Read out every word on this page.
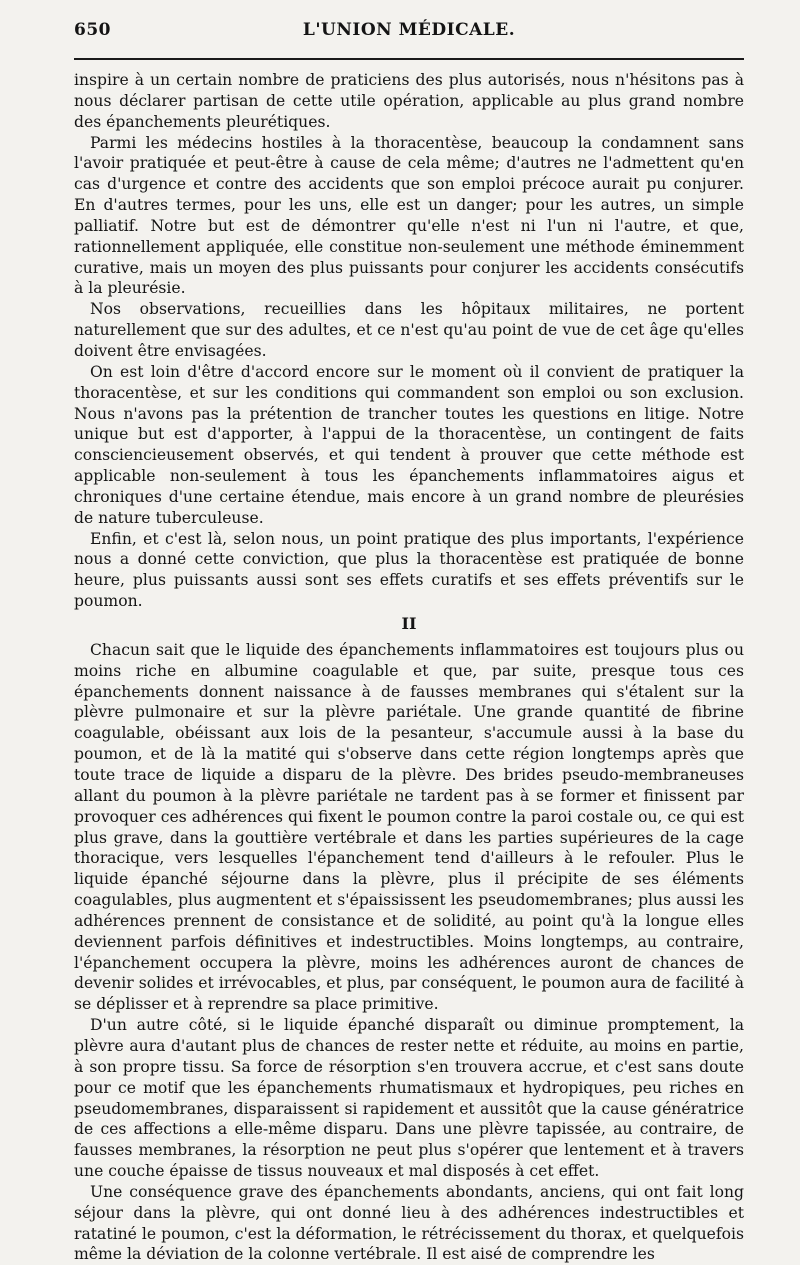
650	L'UNION MÉDICALE.

inspire à un certain nombre de praticiens des plus autorisés, nous n'hésitons pas à nous déclarer partisan de cette utile opération, applicable au plus grand nombre des épanchements pleurétiques.

Parmi les médecins hostiles à la thoracentèse, beaucoup la condamnent sans l'avoir pratiquée et peut-être à cause de cela même; d'autres ne l'admettent qu'en cas d'urgence et contre des accidents que son emploi précoce aurait pu conjurer. En d'autres termes, pour les uns, elle est un danger; pour les autres, un simple palliatif. Notre but est de démontrer qu'elle n'est ni l'un ni l'autre, et que, rationnellement appliquée, elle constitue non-seulement une méthode éminemment curative, mais un moyen des plus puissants pour conjurer les accidents consécutifs à la pleurésie.

Nos observations, recueillies dans les hôpitaux militaires, ne portent naturellement que sur des adultes, et ce n'est qu'au point de vue de cet âge qu'elles doivent être envisagées.

On est loin d'être d'accord encore sur le moment où il convient de pratiquer la thoracentèse, et sur les conditions qui commandent son emploi ou son exclusion. Nous n'avons pas la prétention de trancher toutes les questions en litige. Notre unique but est d'apporter, à l'appui de la thoracentèse, un contingent de faits consciencieusement observés, et qui tendent à prouver que cette méthode est applicable non-seulement à tous les épanchements inflammatoires aigus et chroniques d'une certaine étendue, mais encore à un grand nombre de pleurésies de nature tuberculeuse.

Enfin, et c'est là, selon nous, un point pratique des plus importants, l'expérience nous a donné cette conviction, que plus la thoracentèse est pratiquée de bonne heure, plus puissants aussi sont ses effets curatifs et ses effets préventifs sur le poumon.

II

Chacun sait que le liquide des épanchements inflammatoires est toujours plus ou moins riche en albumine coagulable et que, par suite, presque tous ces épanchements donnent naissance à de fausses membranes qui s'étalent sur la plèvre pulmonaire et sur la plèvre pariétale. Une grande quantité de fibrine coagulable, obéissant aux lois de la pesanteur, s'accumule aussi à la base du poumon, et de là la matité qui s'observe dans cette région longtemps après que toute trace de liquide a disparu de la plèvre. Des brides pseudo-membraneuses allant du poumon à la plèvre pariétale ne tardent pas à se former et finissent par provoquer ces adhérences qui fixent le poumon contre la paroi costale ou, ce qui est plus grave, dans la gouttière vertébrale et dans les parties supérieures de la cage thoracique, vers lesquelles l'épanchement tend d'ailleurs à le refouler. Plus le liquide épanché séjourne dans la plèvre, plus il précipite de ses éléments coagulables, plus augmentent et s'épaississent les pseudomembranes; plus aussi les adhérences prennent de consistance et de solidité, au point qu'à la longue elles deviennent parfois définitives et indestructibles. Moins longtemps, au contraire, l'épanchement occupera la plèvre, moins les adhérences auront de chances de devenir solides et irrévocables, et plus, par conséquent, le poumon aura de facilité à se déplisser et à reprendre sa place primitive.

D'un autre côté, si le liquide épanché disparaît ou diminue promptement, la plèvre aura d'autant plus de chances de rester nette et réduite, au moins en partie, à son propre tissu. Sa force de résorption s'en trouvera accrue, et c'est sans doute pour ce motif que les épanchements rhumatismaux et hydropiques, peu riches en pseudomembranes, disparaissent si rapidement et aussitôt que la cause génératrice de ces affections a elle-même disparu. Dans une plèvre tapissée, au contraire, de fausses membranes, la résorption ne peut plus s'opérer que lentement et à travers une couche épaisse de tissus nouveaux et mal disposés à cet effet.

Une conséquence grave des épanchements abondants, anciens, qui ont fait long séjour dans la plèvre, qui ont donné lieu à des adhérences indestructibles et ratatiné le poumon, c'est la déformation, le rétrécissement du thorax, et quelquefois même la déviation de la colonne vertébrale. Il est aisé de comprendre les
